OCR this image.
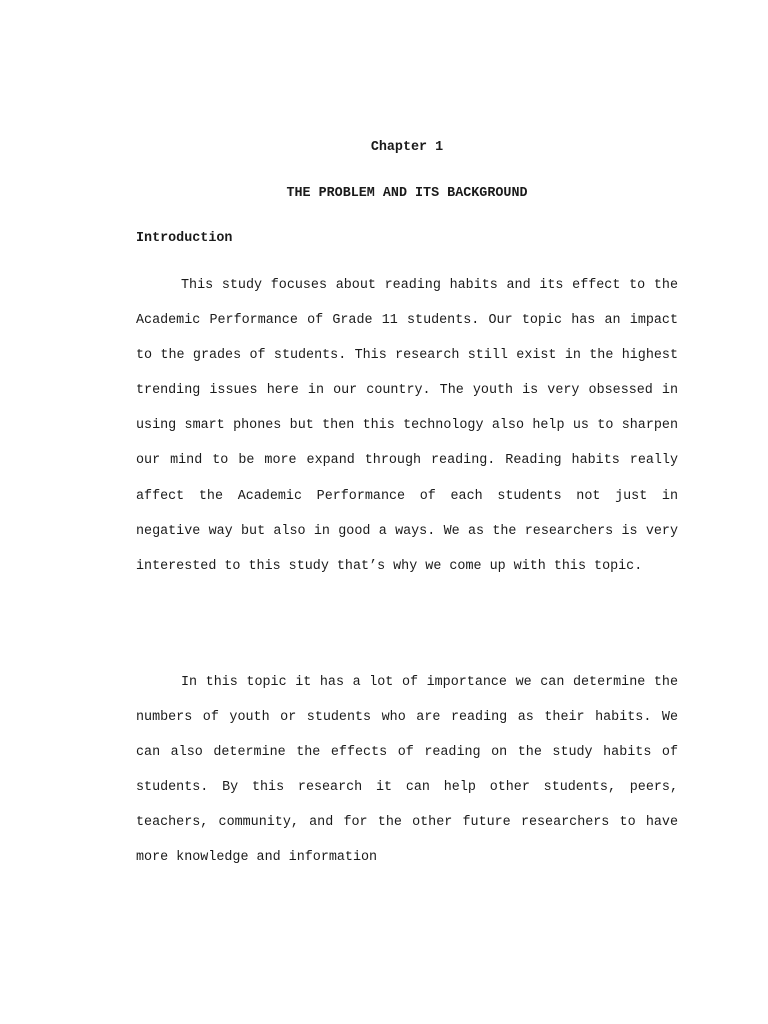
Chapter 1
THE PROBLEM AND ITS BACKGROUND
Introduction

This study focuses about reading habits and its effect to the Academic Performance of Grade 11 students. Our topic has an impact to the grades of students. This research still exist in the highest trending issues here in our country. The youth is very obsessed in using smart phones but then this technology also help us to sharpen our mind to be more expand through reading. Reading habits really affect the Academic Performance of each students not just in negative way but also in good a ways. We as the researchers is very interested to this study that’s why we come up with this topic.

In this topic it has a lot of importance we can determine the numbers of youth or students who are reading as their habits. We can also determine the effects of reading on the study habits of students. By this research it can help other students, peers, teachers, community, and for the other future researchers to have more knowledge and information
